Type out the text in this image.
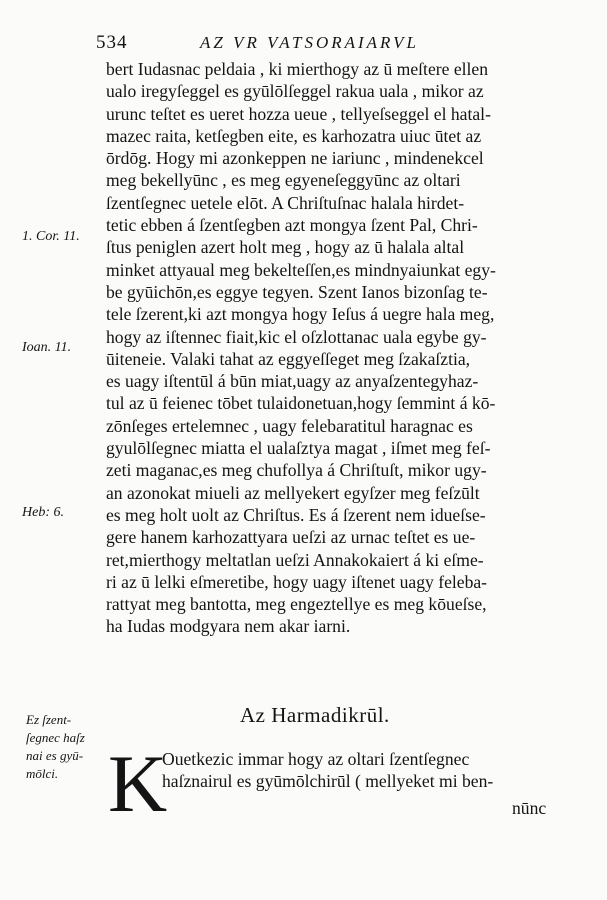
534	AZ VR VATSORAIARVL
1. Cor. 11.
Ioan. 11.
Heb: 6.
bert Iudasnac peldaia , ki mierthogy az ū meſtere ellen
ualo iregyſeggel es gyūlōlſeggel rakua uala , mikor az
urunc teſtet es ueret hozza ueue , tellyeſseggel el hatal-
mazec raita, ketſegben eite, es karhozatra uiuc ūtet az
ōrdōg. Hogy mi azonkeppen ne iariunc , mindenekcel
meg bekellyūnc , es meg egyeneſeggyūnc az oltari
ſzentſegnec uetele elōt. A Chriſtuſnac halala hirdet-
tetic ebben á ſzentſegben azt mongya ſzent Pal, Chri-
ſtus peniglen azert holt meg , hogy az ū halala altal
minket attyaual meg bekelteſſen,es mindnyaiunkat egy-
be gyūichōn,es eggye tegyen. Szent Ianos bizonſag te-
tele ſzerent,ki azt mongya hogy Ieſus á uegre hala meg,
hogy az iſtennec fiait,kic el oſzlottanac uala egybe gy-
ūiteneie. Valaki tahat az eggyeſſeget meg ſzakaſztia,
es uagy iſtentūl á būn miat,uagy az anyaſzentegyhaz-
tul az ū feienec tōbet tulaidonetuan,hogy ſemmint á kō-
zōnſeges ertelemnec , uagy felebaratitul haragnac es
gyulōlſegnec miatta el ualaſztya magat , iſmet meg feſ-
zeti maganac,es meg chufollya á Chriſtuſt, mikor ugy-
an azonokat miueli az mellyekert egyſzer meg feſzūlt
es meg holt uolt az Chriſtus. Es á ſzerent nem idueſse-
gere hanem karhozattyara ueſzi az urnac teſtet es ue-
ret,mierthogy meltatlan ueſzi Annakokaiert á ki eſme-
ri az ū lelki eſmeretibe, hogy uagy iſtenet uagy feleba-
rattyat meg bantotta, meg engeztellye es meg kōueſse,
ha Iudas modgyara nem akar iarni.
Az Harmadikrūl.
Ez ſzent-
ſegnec haſz
nai es gyū-
mōlci. K
Ouetkezic immar hogy az oltari ſzentſegnec
haſznairul es gyūmōlchirūl ( mellyeket mi ben-
nūnc
